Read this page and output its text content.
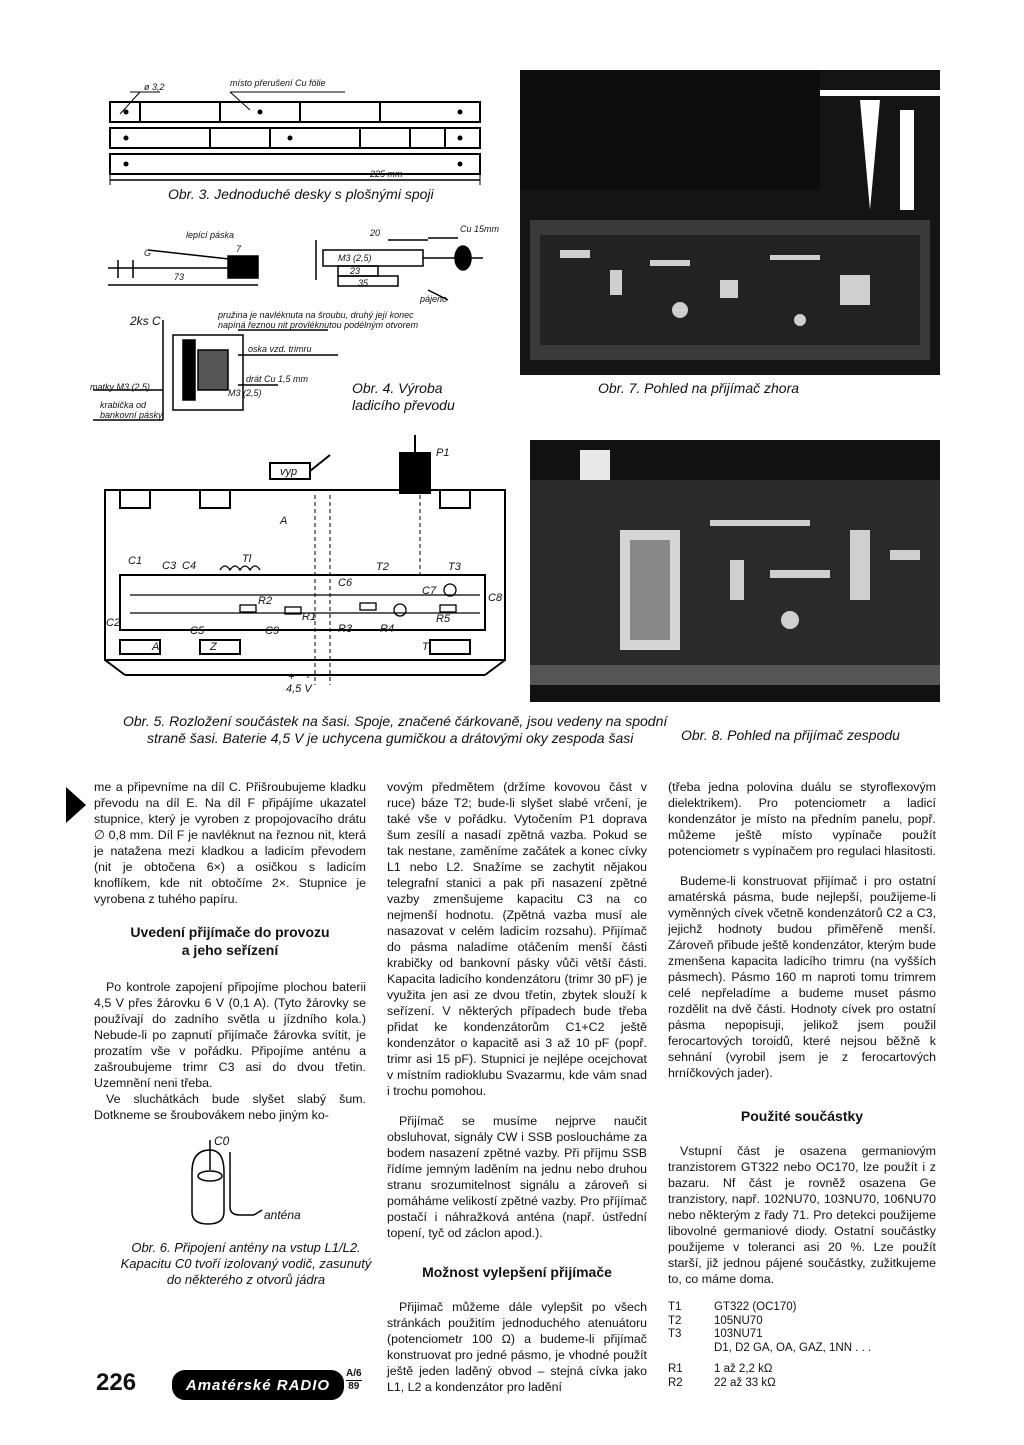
ø 3,2	místo přerušení Cu fólie
225 mm
Obr. 3. Jednoduché desky s plošnými spoji
lepící páska
G	7
73
20	Cu 15mm
M3 (2,5)
23
35
pájeno
pružina je navléknuta na šroubu, druhý její konec
napíná řeznou nit provléknutou podélným otvorem
2ks C
oska vzd. trimru
drát Cu 1,5 mm
M3 (2,5)
matky M3 (2,5)
krabička od
bankovní pásky
Obr. 4. Výroba
ladicího převodu
Obr. 7. Pohled na přijímač zhora
vyp
P1
A
C1 C3 C4
Tl
C6
T2	T3
C7
C8
C2
R2
R1
C5	C9	R3	R4
R5
A	Z	T
+ -
4,5 V
Obr. 5. Rozložení součástek na šasi. Spoje, značené čárkovaně, jsou vedeny na spodní
straně šasi. Baterie 4,5 V je uchycena gumičkou a drátovými oky zespoda šasi	Obr. 8. Pohled na přijímač zespodu

me a připevníme na díl C. Přišroubujeme kladku převodu na díl E. Na díl F připájíme ukazatel stupnice, který je vyroben z propojovacího drátu ∅ 0,8 mm. Díl F je navléknut na řeznou nit, která je natažena mezi kladkou a ladicím převodem (nit je obtočena 6×) a osičkou s ladicím knoflíkem, kde nit obtočíme 2×. Stupnice je vyrobena z tuhého papíru.

Uvedení přijímače do provozu
a jeho seřízení

Po kontrole zapojení připojíme plochou baterii 4,5 V přes žárovku 6 V (0,1 A). (Tyto žárovky se používají do zadního světla u jízdního kola.) Nebude-li po zapnutí přijímače žárovka svítit, je prozatím vše v pořádku. Připojíme anténu a zašroubujeme trimr C3 asi do dvou třetin. Uzemnění neni třeba.

Ve sluchátkách bude slyšet slabý šum. Dotkneme se šroubovákem nebo jiným ko-

C0
anténa
Obr. 6. Připojení antény na vstup L1/L2.
Kapacitu C0 tvoří izolovaný vodič, zasunutý
do některého z otvorů jádra

vovým předmětem (držíme kovovou část v ruce) báze T2; bude-li slyšet slabé vrčení, je také vše v pořádku. Vytočením P1 doprava šum zesílí a nasadí zpětná vazba. Pokud se tak nestane, zaměníme začátek a konec cívky L1 nebo L2. Snažíme se zachytit nějakou telegrafní stanici a pak při nasazení zpětné vazby zmenšujeme kapacitu C3 na co nejmenší hodnotu. (Zpětná vazba musí ale nasazovat v celém ladicím rozsahu). Přijímač do pásma naladíme otáčením menší části krabičky od bankovní pásky vůči větší části. Kapacita ladicího kondenzátoru (trimr 30 pF) je využita jen asi ze dvou třetin, zbytek slouží k seřízení. V některých případech bude třeba přidat ke kondenzátorům C1+C2 ještě kondenzátor o kapacitě asi 3 až 10 pF (popř. trimr asi 15 pF). Stupnici je nejlépe ocejchovat v místním radioklubu Svazarmu, kde vám snad i trochu pomohou.

Přijímač se musíme nejprve naučit obsluhovat, signály CW i SSB posloucháme za bodem nasazení zpětné vazby. Při příjmu SSB řídíme jemným laděním na jednu nebo druhou stranu srozumitelnost signálu a zároveň si pomáháme velikostí zpětné vazby. Pro příjímač postačí i náhražková anténa (např. ústřední topení, tyč od záclon apod.).

Možnost vylepšení přijímače

Přijimač můžeme dále vylepšit po všech stránkách použitím jednoduchého atenuátoru (potenciometr 100 Ω) a budeme-li přijímač konstruovat pro jedné pásmo, je vhodné použít ještě jeden laděný obvod – stejná cívka jako L1, L2 a kondenzátor pro ladění

(třeba jedna polovina duálu se styroflexovým dielektrikem). Pro potenciometr a ladicí kondenzátor je místo na předním panelu, popř. můžeme ještě místo vypínače použít potenciometr s vypínačem pro regulaci hlasitosti.

Budeme-li konstruovat přijímač i pro ostatní amatérská pásma, bude nejlepší, použijeme-li vyměnných cívek včetně kondenzátorů C2 a C3, jejichž hodnoty budou přiměřeně menší. Zároveň přibude ještě kondenzátor, kterým bude zmenšena kapacita ladicího trimru (na vyšších pásmech). Pásmo 160 m naproti tomu trimrem celé nepřeladíme a budeme muset pásmo rozdělit na dvě části. Hodnoty cívek pro ostatní pásma nepopisuji, jelikož jsem použil ferocartových toroidů, které nejsou běžně k sehnání (vyrobil jsem je z ferocartových hrníčkových jader).

Použité součástky

Vstupní část je osazena germaniovým tranzistorem GT322 nebo OC170, lze použít i z bazaru. Nf část je rovněž osazena Ge tranzistory, např. 102NU70, 103NU70, 106NU70 nebo některým z řady 71. Pro detekci použijeme libovolné germaniové diody. Ostatní součástky použijeme v toleranci asi 20 %. Lze použít starší, již jednou pájené součástky, zužitkujeme to, co máme doma.

T1	GT322 (OC170)
T2	105NU70
T3	103NU71
D1, D2 GA, OA, GAZ, 1NN . . .
R1	1 až 2,2 kΩ
R2	22 až 33 kΩ
226	Amatérské RADIO
A/6
89
